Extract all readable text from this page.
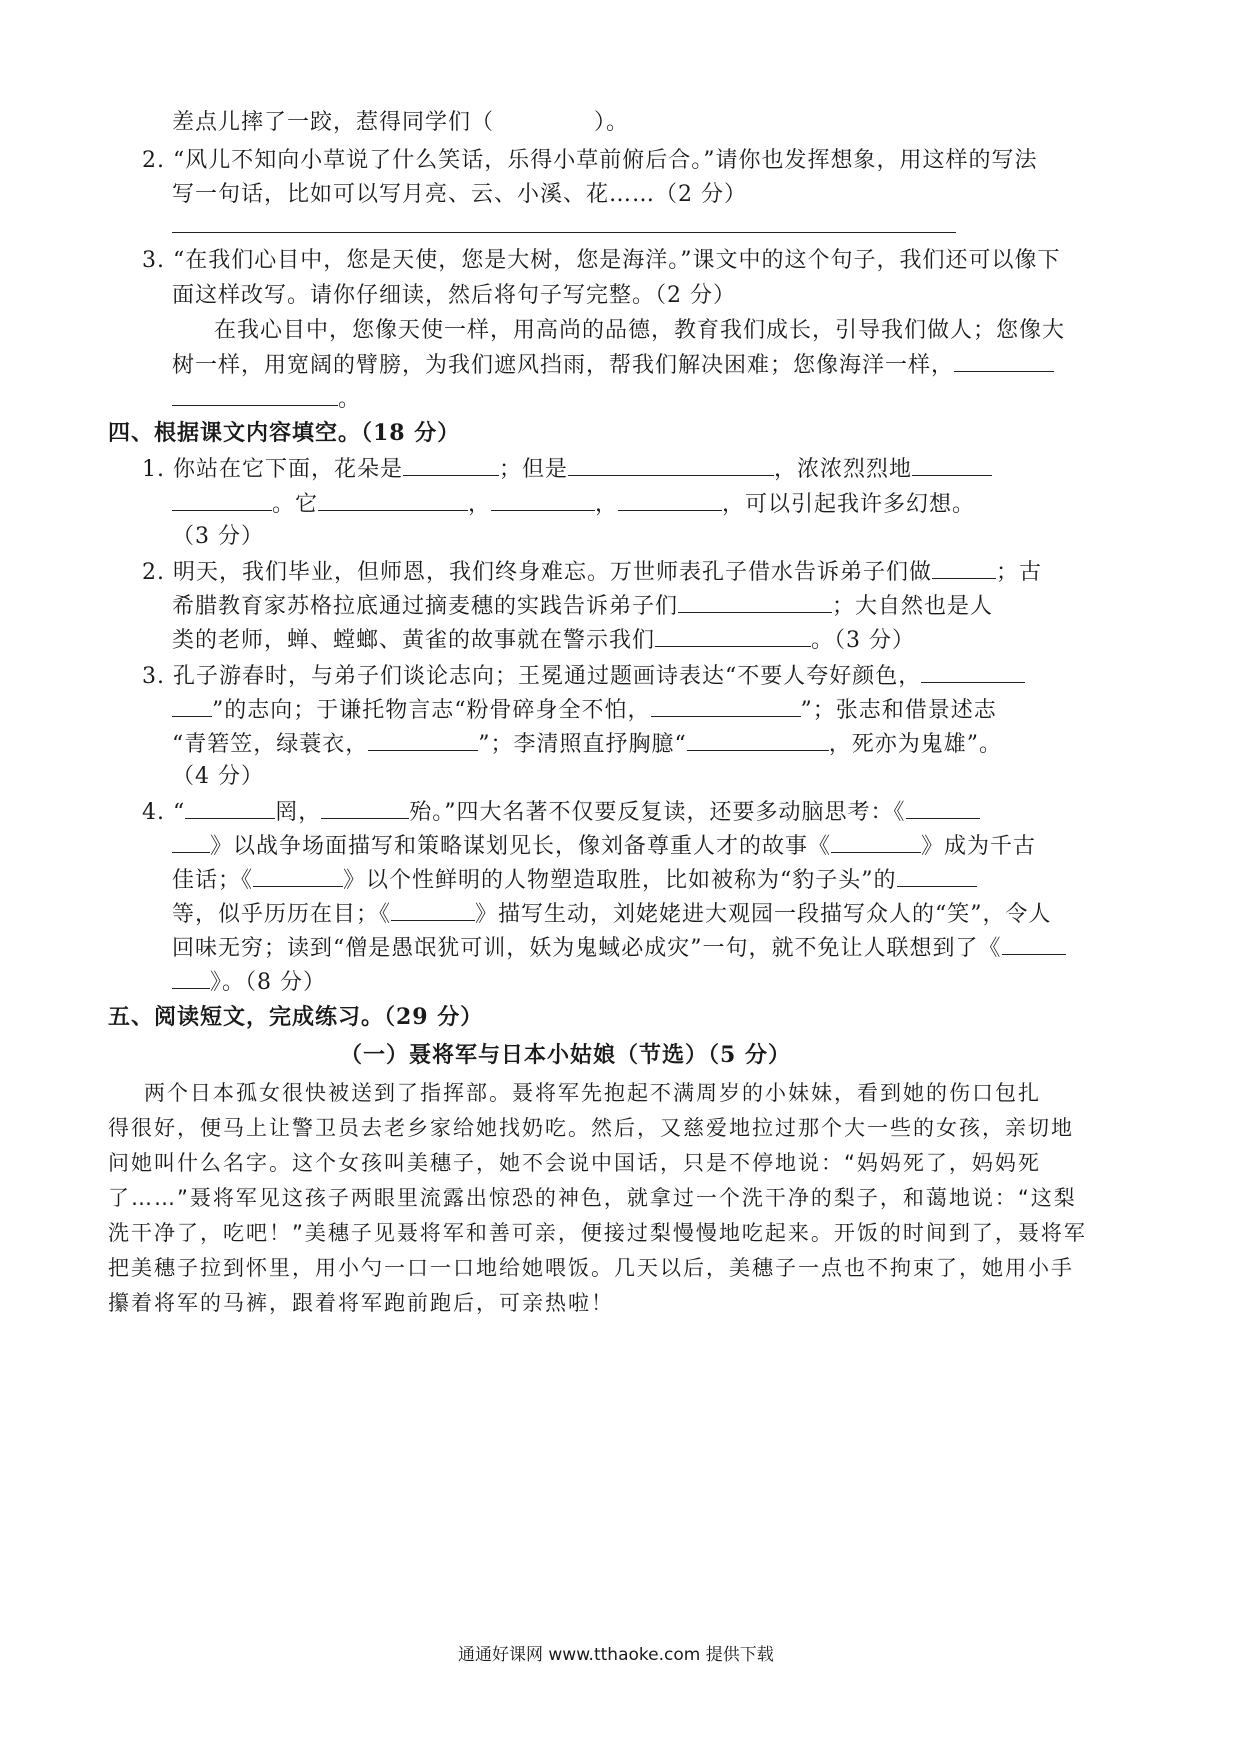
差点儿摔了一跤，惹得同学们（	）。
2. “风儿不知向小草说了什么笑话，乐得小草前俯后合。”请你也发挥想象，用这样的写法
写一句话，比如可以写月亮、云、小溪、花……（2 分）
3. “在我们心目中，您是天使，您是大树，您是海洋。”课文中的这个句子，我们还可以像下
面这样改写。请你仔细读，然后将句子写完整。（2 分）
在我心目中，您像天使一样，用高尚的品德，教育我们成长，引导我们做人；您像大
树一样，用宽阔的臂膀，为我们遮风挡雨，帮我们解决困难；您像海洋一样，
。
四、根据课文内容填空。（18 分）
1. 你站在它下面，花朵是	；但是	，浓浓烈烈地
。它	，	，	，可以引起我许多幻想。
（3 分）
2. 明天，我们毕业，但师恩，我们终身难忘。万世师表孔子借水告诉弟子们做	；古
希腊教育家苏格拉底通过摘麦穗的实践告诉弟子们	；大自然也是人
类的老师，蝉、螳螂、黄雀的故事就在警示我们	。（3 分）
3. 孔子游春时，与弟子们谈论志向；王冕通过题画诗表达“不要人夸好颜色，
”的志向；于谦托物言志“粉骨碎身全不怕，	”；张志和借景述志
“青箬笠，绿蓑衣，	”；李清照直抒胸臆“	，死亦为鬼雄”。
（4 分）
4. “	罔，	殆。”四大名著不仅要反复读，还要多动脑思考：《
》以战争场面描写和策略谋划见长，像刘备尊重人才的故事《	》成为千古
佳话；《	》以个性鲜明的人物塑造取胜，比如被称为“豹子头”的
等，似乎历历在目；《	》描写生动，刘姥姥进大观园一段描写众人的“笑”，令人
回味无穷；读到“僧是愚氓犹可训，妖为鬼蜮必成灾”一句，就不免让人联想到了《
》。（8 分）
五、阅读短文，完成练习。（29 分）
（一）聂将军与日本小姑娘（节选）（5 分）
两个日本孤女很快被送到了指挥部。聂将军先抱起不满周岁的小妹妹，看到她的伤口包扎
得很好，便马上让警卫员去老乡家给她找奶吃。然后，又慈爱地拉过那个大一些的女孩，亲切地
问她叫什么名字。这个女孩叫美穗子，她不会说中国话，只是不停地说：“妈妈死了，妈妈死
了……”聂将军见这孩子两眼里流露出惊恐的神色，就拿过一个洗干净的梨子，和蔼地说：“这梨
洗干净了，吃吧！”美穗子见聂将军和善可亲，便接过梨慢慢地吃起来。开饭的时间到了，聂将军
把美穗子拉到怀里，用小勺一口一口地给她喂饭。几天以后，美穗子一点也不拘束了，她用小手
攥着将军的马裤，跟着将军跑前跑后，可亲热啦！
通通好课网 www.tthaoke.com 提供下载
